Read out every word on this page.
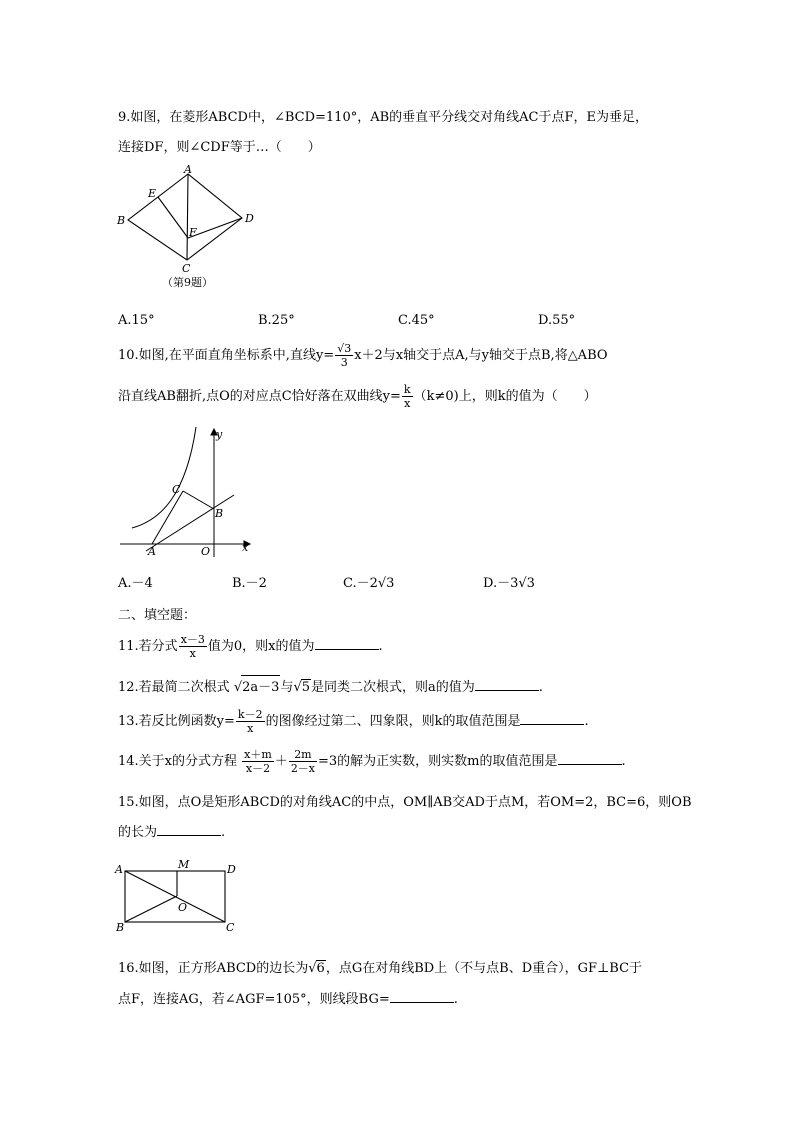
9.如图，在菱形ABCD中，∠BCD=110°，AB的垂直平分线交对角线AC于点F，E为垂足，
连接DF，则∠CDF等于…（　　）
A
B
C
D
E
F
（第9题）
A.15°	B.25°	C.45°	D.55°
10.如图,在平面直角坐标系中,直线$y= \frac{√3}{3} x+2$与x轴交于点A,与y轴交于点B,将△ABO
沿直线AB翻折,点O的对应点C恰好落在双曲线$y= \frac{k}{x} (k\ne 0)$上，则k的值为（　　）
y
x
C
B
A	O
A.－4	B.－2	C.－2√3	D.－3√3
二、填空题：
11.若分式 $\frac{x-3}{x}$ 值为0，则x的值为	.
12.若最简二次根式 √2a－3与√5是同类二次根式，则a的值为	.
13.若反比例函数$y= \frac{k-2}{x}$ 的图像经过第二、四象限，则k的取值范围是	.
14.关于x的分式方程 $\frac{x+m}{x-2} + \frac{2m}{2-x} =3$的解为正实数，则实数m的取值范围是	.
15.如图，点O是矩形ABCD的对角线AC的中点，OM∥AB交AD于点M，若OM=2，BC=6，则OB
的长为	.
A	M	D
O
B	C
16.如图，正方形ABCD的边长为√6，点G在对角线BD上（不与点B、D重合），GF⊥BC于
点F，连接AG，若∠AGF=105°，则线段BG=	.
